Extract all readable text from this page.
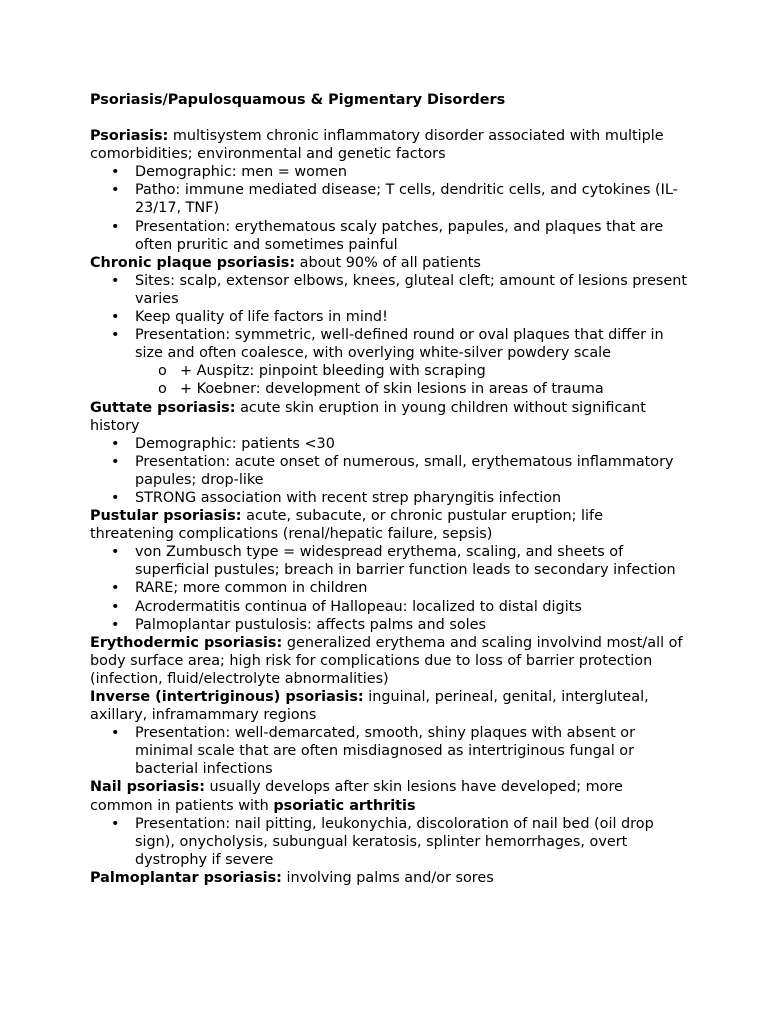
Psoriasis/Papulosquamous & Pigmentary Disorders
Psoriasis: multisystem chronic inflammatory disorder associated with multiple comorbidities; environmental and genetic factors
• Demographic: men = women
• Patho: immune mediated disease; T cells, dendritic cells, and cytokines (IL-23/17, TNF)
• Presentation: erythematous scaly patches, papules, and plaques that are often pruritic and sometimes painful
Chronic plaque psoriasis: about 90% of all patients
• Sites: scalp, extensor elbows, knees, gluteal cleft; amount of lesions present varies
• Keep quality of life factors in mind!
• Presentation: symmetric, well-defined round or oval plaques that differ in size and often coalesce, with overlying white-silver powdery scale
o + Auspitz: pinpoint bleeding with scraping
o + Koebner: development of skin lesions in areas of trauma
Guttate psoriasis: acute skin eruption in young children without significant history
• Demographic: patients <30
• Presentation: acute onset of numerous, small, erythematous inflammatory papules; drop-like
• STRONG association with recent strep pharyngitis infection
Pustular psoriasis: acute, subacute, or chronic pustular eruption; life threatening complications (renal/hepatic failure, sepsis)
• von Zumbusch type = widespread erythema, scaling, and sheets of superficial pustules; breach in barrier function leads to secondary infection
• RARE; more common in children
• Acrodermatitis continua of Hallopeau: localized to distal digits
• Palmoplantar pustulosis: affects palms and soles
Erythodermic psoriasis: generalized erythema and scaling involvind most/all of body surface area; high risk for complications due to loss of barrier protection (infection, fluid/electrolyte abnormalities)
Inverse (intertriginous) psoriasis: inguinal, perineal, genital, intergluteal, axillary, inframammary regions
• Presentation: well-demarcated, smooth, shiny plaques with absent or minimal scale that are often misdiagnosed as intertriginous fungal or bacterial infections
Nail psoriasis: usually develops after skin lesions have developed; more common in patients with psoriatic arthritis
• Presentation: nail pitting, leukonychia, discoloration of nail bed (oil drop sign), onycholysis, subungual keratosis, splinter hemorrhages, overt dystrophy if severe
Palmoplantar psoriasis: involving palms and/or sores
